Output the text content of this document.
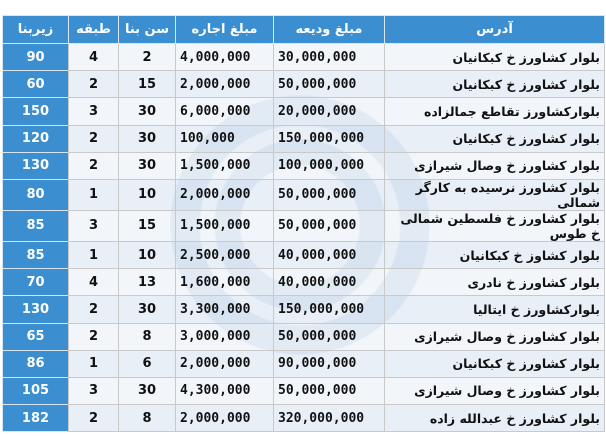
آدرس	مبلغ ودیعه	مبلغ اجاره	سن بنا	طبقه	زیربنا
بلوار کشاورز خ کبکانیان	30,000,000	4,000,000	2	4	90
بلوار کشاورز خ کبکانیان	50,000,000	2,000,000	15	2	60
بلوارکشاورز تقاطع جمالزاده	20,000,000	6,000,000	30	3	150
بلوار کشاورز خ کبکانیان	150,000,000	100,000	30	2	120
بلوار کشاورز خ وصال شیرازی	100,000,000	1,500,000	30	2	130
بلوار کشاورز نرسیده به کارگر شمالی	50,000,000	2,000,000	10	1	80
بلوار کشاورز خ فلسطین شمالی خ طوس	50,000,000	1,500,000	15	3	85
بلوار کشاوز خ کبکانیان	40,000,000	2,500,000	10	1	85
بلوار کشاورز خ نادری	40,000,000	1,600,000	13	4	70
بلوارکشاورز خ ایتالیا	150,000,000	3,300,000	30	2	130
بلوار کشاورز خ وصال شیرازی	50,000,000	3,000,000	8	2	65
بلوار کشاورز خ کبکانیان	90,000,000	2,000,000	6	1	86
بلوار کشاورز خ وصال شیرازی	50,000,000	4,300,000	30	3	105
بلوار کشاورز خ عبدالله زاده	320,000,000	2,000,000	8	2	182
